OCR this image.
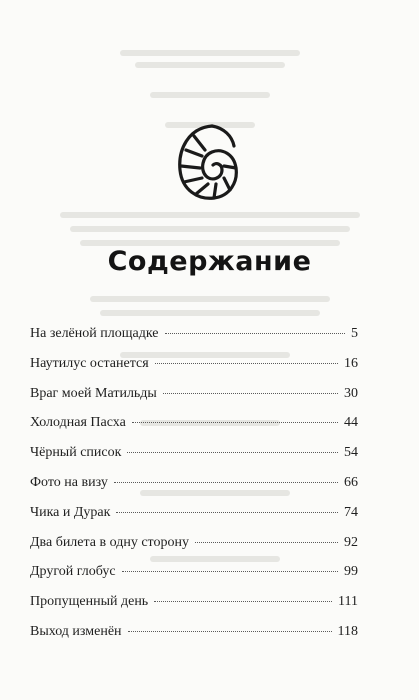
Содержание
На зелёной площадке	5
Наутилус останется	16
Враг моей Матильды	30
Холодная Пасха	44
Чёрный список	54
Фото на визу	66
Чика и Дурак	74
Два билета в одну сторону	92
Другой глобус	99
Пропущенный день	111
Выход изменён	118
